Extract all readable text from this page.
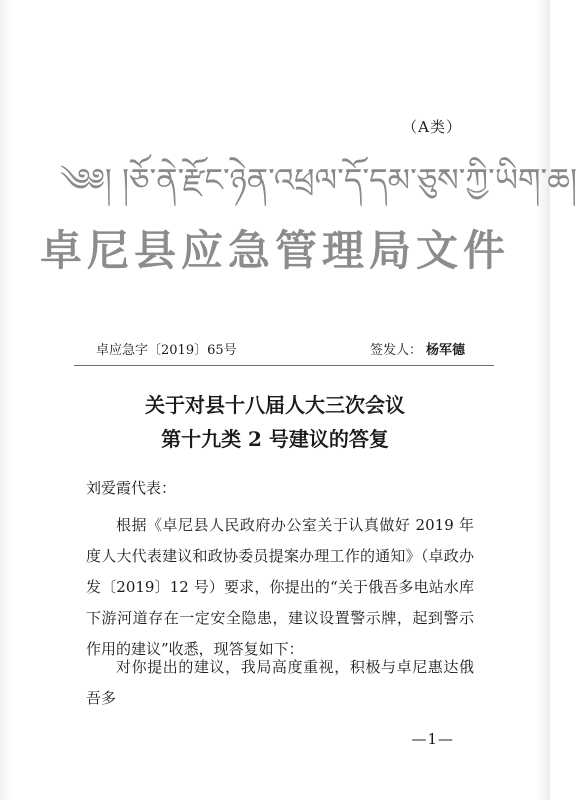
（A类）
༄༅། །ཅོ་ནེ་རྫོང་ཉེན་འཕྲལ་དོ་དམ་ཅུས་ཀྱི་ཡིག་ཆ།
卓尼县应急管理局文件
卓应急字〔2019〕65号	签发人： 杨军德
关于对县十八届人大三次会议
第十九类 2 号建议的答复
刘爱霞代表：
根据《卓尼县人民政府办公室关于认真做好 2019 年度人大代表建议和政协委员提案办理工作的通知》（卓政办发〔2019〕12 号）要求，你提出的“关于俄吾多电站水库下游河道存在一定安全隐患，建议设置警示牌，起到警示作用的建议”收悉，现答复如下：
对你提出的建议，我局高度重视，积极与卓尼惠达俄吾多
—1—
